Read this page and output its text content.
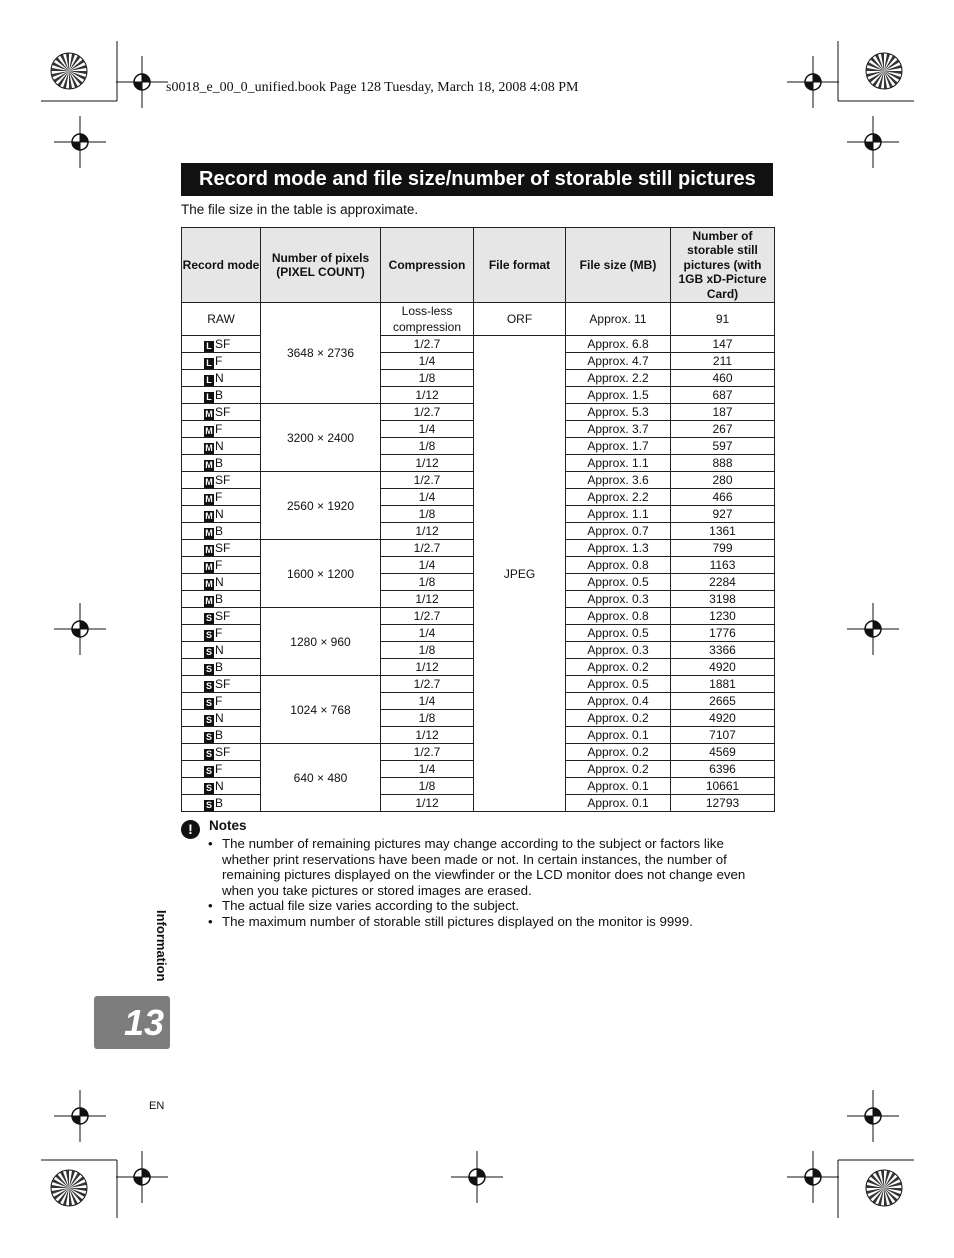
s0018_e_00_0_unified.book Page 128 Tuesday, March 18, 2008 4:08 PM
Record mode and file size/number of storable still pictures
The file size in the table is approximate.
Record mode	Number of pixels (PIXEL COUNT)	Compression	File format	File size (MB)	Number of storable still pictures (with 1GB xD-Picture Card)
RAW	3648 × 2736	Loss-less compression	ORF	Approx. 11	91
L SF		1/2.7	JPEG	Approx. 6.8	147
L F		1/4		Approx. 4.7	211
L N		1/8		Approx. 2.2	460
L B		1/12		Approx. 1.5	687
M SF	3200 × 2400	1/2.7		Approx. 5.3	187
M F		1/4		Approx. 3.7	267
M N		1/8		Approx. 1.7	597
M B		1/12		Approx. 1.1	888
M SF	2560 × 1920	1/2.7		Approx. 3.6	280
M F		1/4		Approx. 2.2	466
M N		1/8		Approx. 1.1	927
M B		1/12		Approx. 0.7	1361
M SF	1600 × 1200	1/2.7		Approx. 1.3	799
M F		1/4		Approx. 0.8	1163
M N		1/8		Approx. 0.5	2284
M B		1/12		Approx. 0.3	3198
S SF	1280 × 960	1/2.7		Approx. 0.8	1230
S F		1/4		Approx. 0.5	1776
S N		1/8		Approx. 0.3	3366
S B		1/12		Approx. 0.2	4920
S SF	1024 × 768	1/2.7		Approx. 0.5	1881
S F		1/4		Approx. 0.4	2665
S N		1/8		Approx. 0.2	4920
S B		1/12		Approx. 0.1	7107
S SF	640 × 480	1/2.7		Approx. 0.2	4569
S F		1/4		Approx. 0.2	6396
S N		1/8		Approx. 0.1	10661
S B		1/12		Approx. 0.1	12793
! Notes
• The number of remaining pictures may change according to the subject or factors like whether print reservations have been made or not. In certain instances, the number of remaining pictures displayed on the viewfinder or the LCD monitor does not change even when you take pictures or stored images are erased.
• The actual file size varies according to the subject.
• The maximum number of storable still pictures displayed on the monitor is 9999.
Information
13
EN
